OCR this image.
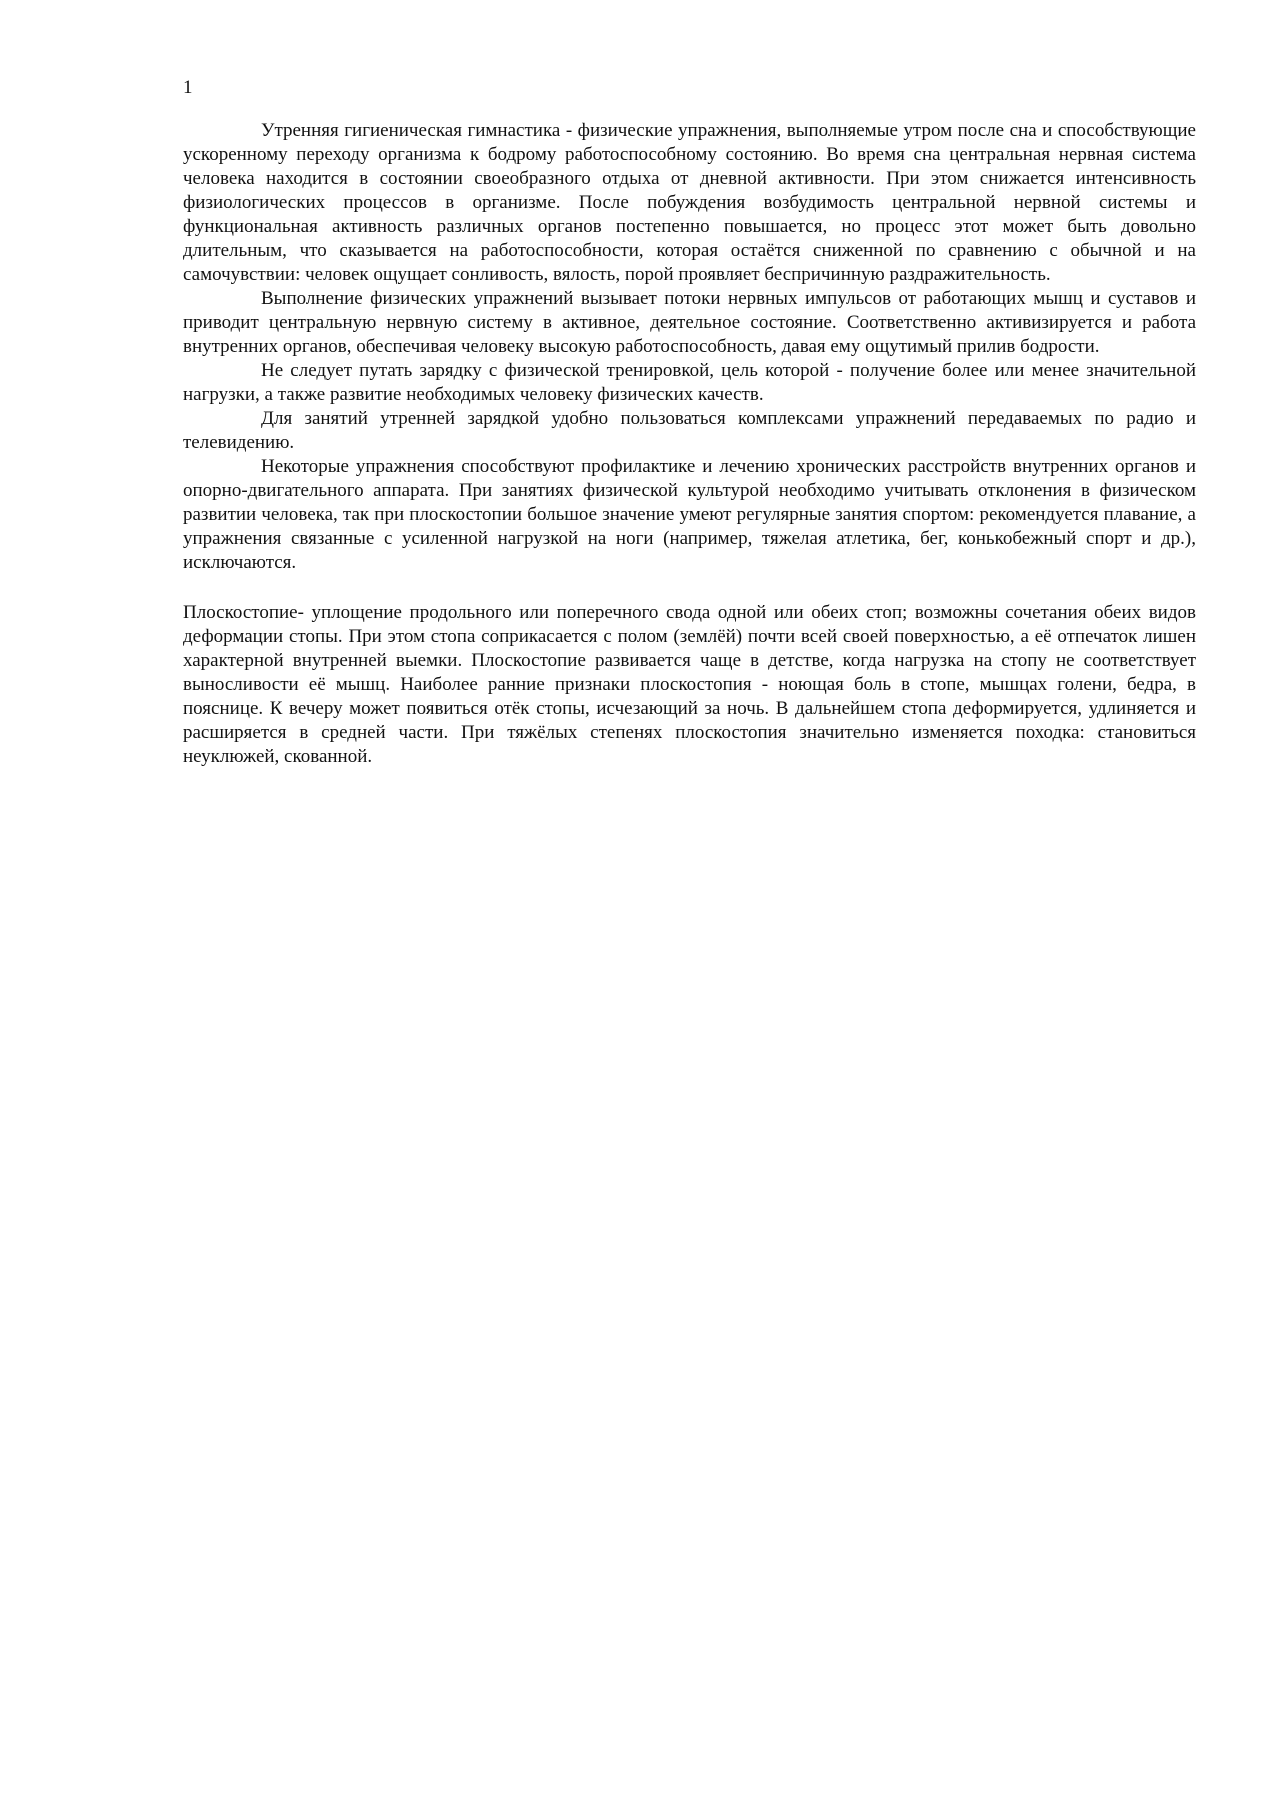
1

Утренняя гигиеническая гимнастика - физические упражнения, выполняемые утром после сна и способствующие ускоренному переходу организма к бодрому работоспособному состоянию. Во время сна центральная нервная система человека находится в состоянии своеобразного отдыха от дневной активности. При этом снижается интенсивность физиологических процессов в организме. После побуждения возбудимость центральной нервной системы и функциональная активность различных органов постепенно повышается, но процесс этот может быть довольно длительным, что сказывается на работоспособности, которая остаётся сниженной по сравнению с обычной и на самочувствии: человек ощущает сонливость, вялость, порой проявляет беспричинную раздражительность.

Выполнение физических упражнений вызывает потоки нервных импульсов от работающих мышц и суставов и приводит центральную нервную систему в активное, деятельное состояние. Соответственно активизируется и работа внутренних органов, обеспечивая человеку высокую работоспособность, давая ему ощутимый прилив бодрости.

Не следует путать зарядку с физической тренировкой, цель которой - получение более или менее значительной нагрузки, а также развитие необходимых человеку физических качеств.

Для занятий утренней зарядкой удобно пользоваться комплексами упражнений передаваемых по радио и телевидению.

Некоторые упражнения способствуют профилактике и лечению хронических расстройств внутренних органов и опорно-двигательного аппарата. При занятиях физической культурой необходимо учитывать отклонения в физическом развитии человека, так при плоскостопии большое значение умеют регулярные занятия спортом: рекомендуется плавание, а упражнения связанные с усиленной нагрузкой на ноги (например, тяжелая атлетика, бег, конькобежный спорт и др.), исключаются.

Плоскостопие- уплощение продольного или поперечного свода одной или обеих стоп; возможны сочетания обеих видов деформации стопы. При этом стопа соприкасается с полом (землёй) почти всей своей поверхностью, а её отпечаток лишен характерной внутренней выемки. Плоскостопие развивается чаще в детстве, когда нагрузка на стопу не соответствует выносливости её мышц. Наиболее ранние признаки плоскостопия - ноющая боль в стопе, мышцах голени, бедра, в пояснице. К вечеру может появиться отёк стопы, исчезающий за ночь. В дальнейшем стопа деформируется, удлиняется и расширяется в средней части. При тяжёлых степенях плоскостопия значительно изменяется походка: становиться неуклюжей, скованной.
